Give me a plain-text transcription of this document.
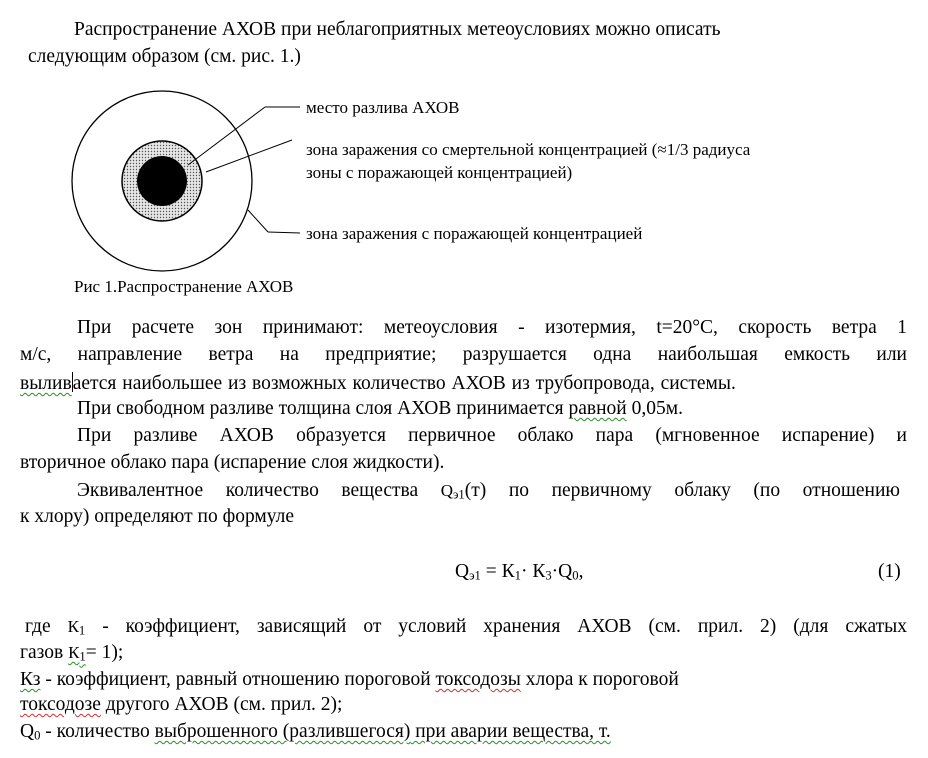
Распространение АХОВ при неблагоприятных метеоусловиях можно описать
следующим образом (см. рис. 1.)
место разлива АХОВ
зона заражения со смертельной концентрацией (≈1/3 радиуса
зоны с поражающей концентрацией)
зона заражения с поражающей концентрацией
Рис 1.Распространение АХОВ
При расчете зон принимают: метеоусловия - изотермия, t=20°С, скорость ветра 1
м/с, направление ветра на предприятие; разрушается одна наибольшая емкость или
выливается наибольшее из возможных количество АХОВ из трубопровода, системы.
При свободном разливе толщина слоя АХОВ принимается равной 0,05м.
При разливе АХОВ образуется первичное облако пара (мгновенное испарение) и
вторичное облако пара (испарение слоя жидкости).
Эквивалентное количество вещества $Q_{э1}(т)$ по первичному облаку (по отношению
к хлору) определяют по формуле
$Q_{э1} = К_1\cdot К_3\cdot Q_0$,	(1)
где $К_1$ - коэффициент, зависящий от условий хранения АХОВ (см. прил. 2) (для сжатых
газов $К_1= 1$);
Кз - коэффициент, равный отношению пороговой токсодозы хлора к пороговой
токсодозе другого АХОВ (см. прил. 2);
$Q_0$ - количество выброшенного (разлившегося) при аварии вещества, т.
